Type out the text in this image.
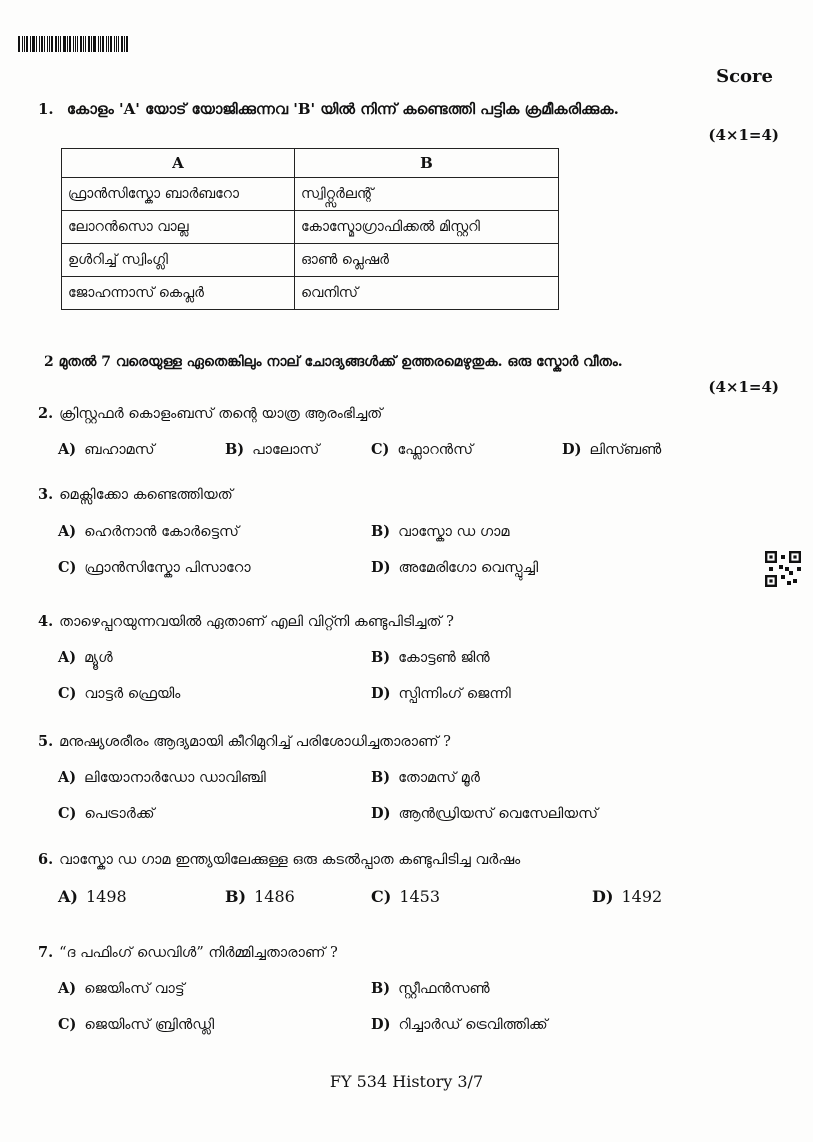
Score
1. കോളം 'A' യോട് യോജിക്കുന്നവ 'B' യിൽ നിന്ന് കണ്ടെത്തി പട്ടിക ക്രമീകരിക്കുക.
(4×1=4)
A	B
ഫ്രാൻസിസ്കോ ബാർബറോ	സ്വിറ്റ്സർലന്റ്
ലോറൻസൊ വാല്ല	കോസ്മോഗ്രാഫിക്കൽ മിസ്റ്ററി
ഉൾറിച്ച് സ്വിംഗ്ലി	ഓൺ പ്ലെഷർ
ജോഹന്നാസ് കെപ്ലർ	വെനിസ്
2 മുതൽ 7 വരെയുള്ള ഏതെങ്കിലും നാല് ചോദ്യങ്ങൾക്ക് ഉത്തരമെഴുതുക. ഒരു സ്കോർ വീതം.
(4×1=4)
2. ക്രിസ്റ്റഫർ കൊളംബസ് തന്റെ യാത്ര ആരംഭിച്ചത്
A) ബഹാമസ്	B) പാലോസ്	C) ഫ്ലോറൻസ്	D) ലിസ്ബൺ
3. മെക്സിക്കോ കണ്ടെത്തിയത്
A) ഹെർനാൻ കോർട്ടെസ്	B) വാസ്കോ ഡ ഗാമ
C) ഫ്രാൻസിസ്കോ പിസാറോ	D) അമേരിഗോ വെസ്പുച്ചി
4. താഴെപ്പറയുന്നവയിൽ ഏതാണ് എലി വിറ്റ്നി കണ്ടുപിടിച്ചത് ?
A) മ്യൂൾ	B) കോട്ടൺ ജിൻ
C) വാട്ടർ ഫ്രെയിം	D) സ്പിന്നിംഗ് ജെന്നി
5. മനുഷ്യശരീരം ആദ്യമായി കീറിമുറിച്ച് പരിശോധിച്ചതാരാണ് ?
A) ലിയോനാർഡോ ഡാവിഞ്ചി	B) തോമസ് മൂർ
C) പെട്രാർക്ക്	D) ആൻഡ്രിയസ് വെസേലിയസ്
6. വാസ്കോ ഡ ഗാമ ഇന്ത്യയിലേക്കുള്ള ഒരു കടൽപ്പാത കണ്ടുപിടിച്ച വർഷം
A) 1498	B) 1486	C) 1453	D) 1492
7. “ദ പഫിംഗ് ഡെവിൾ” നിർമ്മിച്ചതാരാണ് ?
A) ജെയിംസ് വാട്ട്	B) സ്റ്റീഫൻസൺ
C) ജെയിംസ് ബ്രിൻഡ്ലി	D) റിച്ചാർഡ് ട്രെവിത്തിക്ക്
FY 534 History 3/7
